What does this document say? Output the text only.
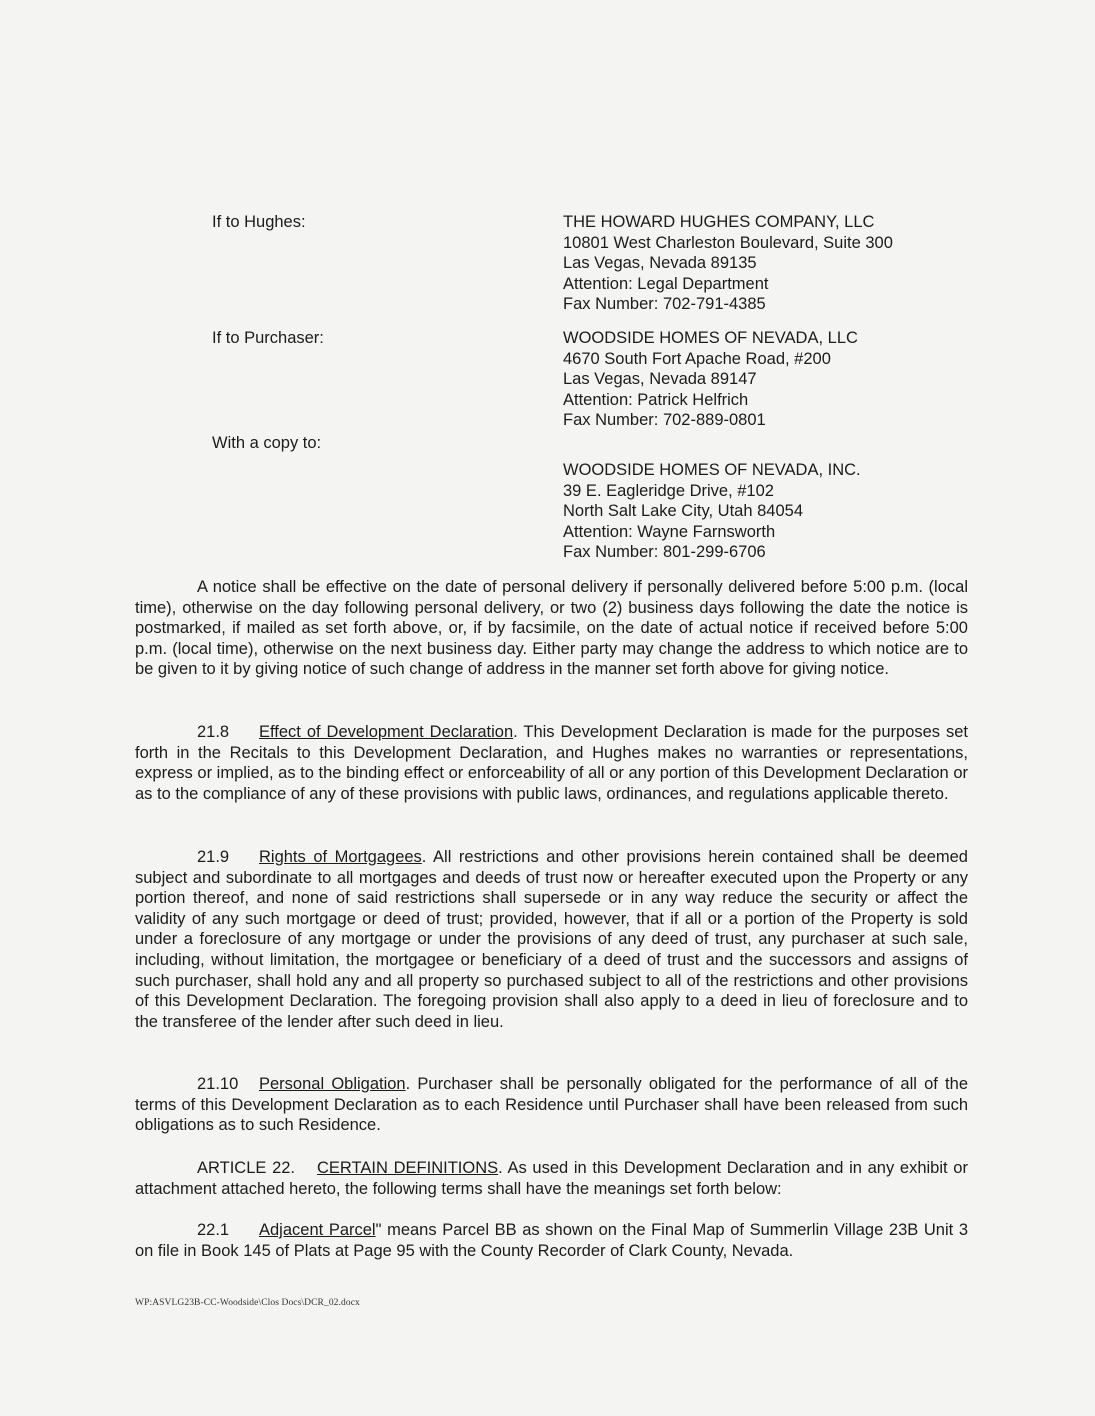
If to Hughes:	THE HOWARD HUGHES COMPANY, LLC
10801 West Charleston Boulevard, Suite 300
Las Vegas, Nevada 89135
Attention: Legal Department
Fax Number: 702-791-4385
If to Purchaser:	WOODSIDE HOMES OF NEVADA, LLC
4670 South Fort Apache Road, #200
Las Vegas, Nevada 89147
Attention: Patrick Helfrich
Fax Number: 702-889-0801
With a copy to:
WOODSIDE HOMES OF NEVADA, INC.
39 E. Eagleridge Drive, #102
North Salt Lake City, Utah 84054
Attention: Wayne Farnsworth
Fax Number: 801-299-6706
A notice shall be effective on the date of personal delivery if personally delivered before 5:00 p.m. (local time), otherwise on the day following personal delivery, or two (2) business days following the date the notice is postmarked, if mailed as set forth above, or, if by facsimile, on the date of actual notice if received before 5:00 p.m. (local time), otherwise on the next business day. Either party may change the address to which notice are to be given to it by giving notice of such change of address in the manner set forth above for giving notice.
21.8 Effect of Development Declaration. This Development Declaration is made for the purposes set forth in the Recitals to this Development Declaration, and Hughes makes no warranties or representations, express or implied, as to the binding effect or enforceability of all or any portion of this Development Declaration or as to the compliance of any of these provisions with public laws, ordinances, and regulations applicable thereto.
21.9 Rights of Mortgagees. All restrictions and other provisions herein contained shall be deemed subject and subordinate to all mortgages and deeds of trust now or hereafter executed upon the Property or any portion thereof, and none of said restrictions shall supersede or in any way reduce the security or affect the validity of any such mortgage or deed of trust; provided, however, that if all or a portion of the Property is sold under a foreclosure of any mortgage or under the provisions of any deed of trust, any purchaser at such sale, including, without limitation, the mortgagee or beneficiary of a deed of trust and the successors and assigns of such purchaser, shall hold any and all property so purchased subject to all of the restrictions and other provisions of this Development Declaration. The foregoing provision shall also apply to a deed in lieu of foreclosure and to the transferee of the lender after such deed in lieu.
21.10 Personal Obligation. Purchaser shall be personally obligated for the performance of all of the terms of this Development Declaration as to each Residence until Purchaser shall have been released from such obligations as to such Residence.
ARTICLE 22. CERTAIN DEFINITIONS. As used in this Development Declaration and in any exhibit or attachment attached hereto, the following terms shall have the meanings set forth below:
22.1 Adjacent Parcel" means Parcel BB as shown on the Final Map of Summerlin Village 23B Unit 3 on file in Book 145 of Plats at Page 95 with the County Recorder of Clark County, Nevada.
WP:ASVLG23B-CC-Woodside\Clos Docs\DCR_02.docx
